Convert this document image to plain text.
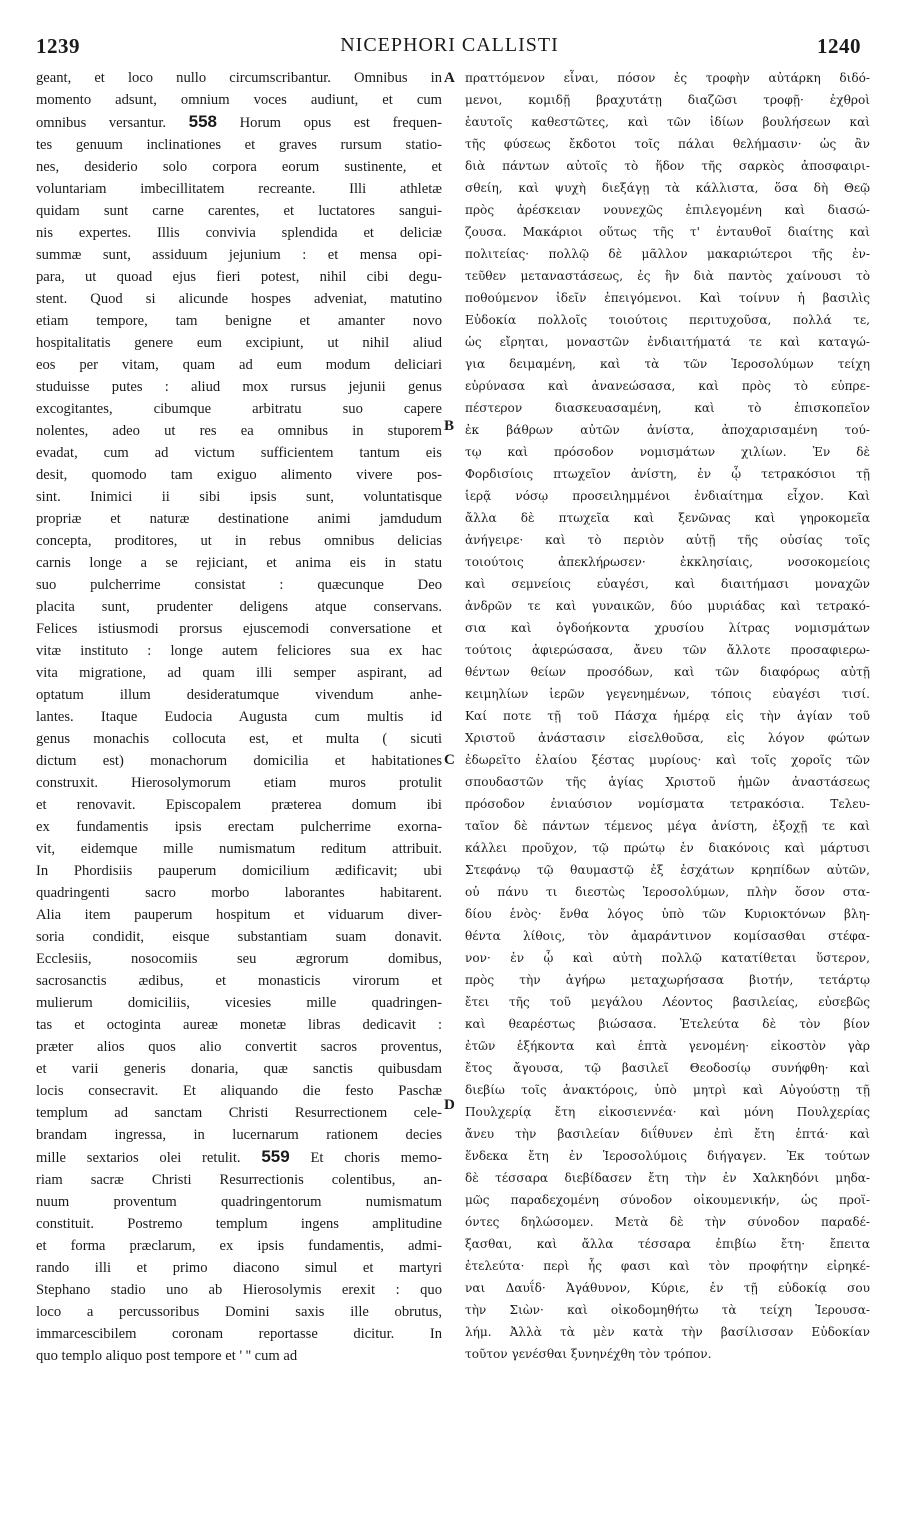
1239	NICEPHORI CALLISTI	1240
geant, et loco nullo circumscribantur. Omnibus in
momento adsunt, omnium voces audiunt, et cum
omnibus versantur. 558 Horum opus est frequen-
tes genuum inclinationes et graves rursum statio-
nes, desiderio solo corpora eorum sustinente, et
voluntariam imbecillitatem recreante. Illi athletæ
quidam sunt carne carentes, et luctatores sangui-
nis expertes. Illis convivia splendida et deliciæ
summæ sunt, assiduum jejunium : et mensa opi-
para, ut quoad ejus fieri potest, nihil cibi degu-
stent. Quod si alicunde hospes adveniat, matutino
etiam tempore, tam benigne et amanter novo
hospitalitatis genere eum excipiunt, ut nihil aliud
eos per vitam, quam ad eum modum deliciari
studuisse putes : aliud mox rursus jejunii genus
excogitantes, cibumque arbitratu suo capere
nolentes, adeo ut res ea omnibus in stuporem
evadat, cum ad victum sufficientem tantum eis
desit, quomodo tam exiguo alimento vivere pos-
sint. Inimici ii sibi ipsis sunt, voluntatisque
propriæ et naturæ destinatione animi jamdudum
concepta, proditores, ut in rebus omnibus delicias
carnis longe a se rejiciant, et anima eis in statu
suo pulcherrime consistat : quæcunque Deo
placita sunt, prudenter deligens atque conservans.
Felices istiusmodi prorsus ejuscemodi conversatione et
vitæ instituto : longe autem feliciores sua ex hac
vita migratione, ad quam illi semper aspirant, ad
optatum illum desideratumque vivendum anhe-
lantes. Itaque Eudocia Augusta cum multis id
genus monachis collocuta est, et multa ( sicuti
dictum est) monachorum domicilia et habitationes
construxit. Hierosolymorum etiam muros protulit
et renovavit. Episcopalem præterea domum ibi
ex fundamentis ipsis erectam pulcherrime exorna-
vit, eidemque mille numismatum reditum attribuit.
In Phordisiis pauperum domicilium ædificavit; ubi
quadringenti sacro morbo laborantes habitarent.
Alia item pauperum hospitum et viduarum diver-
soria condidit, eisque substantiam suam donavit.
Ecclesiis, nosocomiis seu ægrorum domibus,
sacrosanctis ædibus, et monasticis virorum et
mulierum domiciliis, vicesies mille quadringen-
tas et octoginta aureæ monetæ libras dedicavit :
præter alios quos alio convertit sacros proventus,
et varii generis donaria, quæ sanctis quibusdam
locis consecravit. Et aliquando die festo Paschæ
templum ad sanctam Christi Resurrectionem cele-
brandam ingressa, in lucernarum rationem decies
mille sextarios olei retulit. 559 Et choris memo-
riam sacræ Christi Resurrectionis colentibus, an-
nuum proventum quadringentorum numismatum
constituit. Postremo templum ingens amplitudine
et forma præclarum, ex ipsis fundamentis, admi-
rando illi et primo diacono simul et martyri
Stephano stadio uno ab Hierosolymis erexit : quo
loco a percussoribus Domini saxis ille obrutus,
immarcescibilem coronam reportasse dicitur. In
quo templo aliquo post tempore et ' '' cum ad
πραττόμενον εἶναι, πόσον ἐς τροφὴν αὐτάρκη διδό-
μενοι, κομιδῇ βραχυτάτῃ διαζῶσι τροφῇ· ἐχθροὶ
ἑαυτοῖς καθεστῶτες, καὶ τῶν ἰδίων βουλήσεων καὶ
τῆς φύσεως ἔκδοτοι τοῖς πάλαι θελήμασιν· ὡς ἂν
διὰ πάντων αὐτοῖς τὸ ἥδον τῆς σαρκὸς ἀποσφαιρι-
σθείη, καὶ ψυχὴ διεξάγῃ τὰ κάλλιστα, ὅσα δὴ Θεῷ
πρὸς ἀρέσκειαν νουνεχῶς ἐπιλεγομένη καὶ διασώ-
ζουσα. Μακάριοι οὕτως τῆς τ' ἐνταυθοῖ διαίτης καὶ
πολιτείας· πολλῷ δὲ μᾶλλον μακαριώτεροι τῆς ἐν-
τεῦθεν μεταναστάσεως, ἐς ἣν διὰ παντὸς χαίνουσι τὸ
ποθούμενον ἰδεῖν ἐπειγόμενοι. Καὶ τοίνυν ἡ βασιλὶς
Εὐδοκία πολλοῖς τοιούτοις περιτυχοῦσα, πολλά τε,
ὡς εἴρηται, μοναστῶν ἐνδιαιτήματά τε καὶ καταγώ-
για δειμαμένη, καὶ τὰ τῶν Ἱεροσολύμων τείχη
εὐρύνασα καὶ ἀνανεώσασα, καὶ πρὸς τὸ εὐπρε-
πέστερον διασκευασαμένη, καὶ τὸ ἐπισκοπεῖον
ἐκ βάθρων αὐτῶν ἀνίστα, ἀποχαρισαμένη τού-
τῳ καὶ πρόσοδον νομισμάτων χιλίων. Ἐν δὲ
Φορδισίοις πτωχεῖον ἀνίστη, ἐν ᾧ τετρακόσιοι τῇ
ἱερᾷ νόσῳ προσειλημμένοι ἐνδιαίτημα εἶχον. Καὶ
ἄλλα δὲ πτωχεῖα καὶ ξενῶνας καὶ γηροκομεῖα
ἀνήγειρε· καὶ τὸ περιὸν αὐτῇ τῆς οὐσίας τοῖς
τοιούτοις ἀπεκλήρωσεν· ἐκκλησίαις, νοσοκομείοις
καὶ σεμνείοις εὐαγέσι, καὶ διαιτήμασι μοναχῶν
ἀνδρῶν τε καὶ γυναικῶν, δύο μυριάδας καὶ τετρακό-
σια καὶ ὀγδοήκοντα χρυσίου λίτρας νομισμάτων
τούτοις ἀφιερώσασα, ἄνευ τῶν ἄλλοτε προσαφιερω-
θέντων θείων προσόδων, καὶ τῶν διαφόρως αὐτῇ
κειμηλίων ἱερῶν γεγενημένων, τόποις εὐαγέσι τισί.
Καί ποτε τῇ τοῦ Πάσχα ἡμέρᾳ εἰς τὴν ἁγίαν τοῦ
Χριστοῦ ἀνάστασιν εἰσελθοῦσα, εἰς λόγον φώτων
ἐδωρεῖτο ἐλαίου ξέστας μυρίους· καὶ τοῖς χοροῖς τῶν
σπουδαστῶν τῆς ἁγίας Χριστοῦ ἡμῶν ἀναστάσεως
πρόσοδον ἐνιαύσιον νομίσματα τετρακόσια. Τελευ-
ταῖον δὲ πάντων τέμενος μέγα ἀνίστη, ἐξοχῇ τε καὶ
κάλλει προῦχον, τῷ πρώτῳ ἐν διακόνοις καὶ μάρτυσι
Στεφάνῳ τῷ θαυμαστῷ ἐξ ἐσχάτων κρηπίδων αὐτῶν,
οὐ πάνυ τι διεστὼς Ἱεροσολύμων, πλὴν ὅσον στα-
δίου ἑνὸς· ἔνθα λόγος ὑπὸ τῶν Κυριοκτόνων βλη-
θέντα λίθοις, τὸν ἀμαράντινον κομίσασθαι στέφα-
νον· ἐν ᾧ καὶ αὐτὴ πολλῷ κατατίθεται ὕστερον,
πρὸς τὴν ἀγήρω μεταχωρήσασα βιοτήν, τετάρτῳ
ἔτει τῆς τοῦ μεγάλου Λέοντος βασιλείας, εὐσεβῶς
καὶ θεαρέστως βιώσασα. Ἐτελεύτα δὲ τὸν βίον
ἐτῶν ἑξήκοντα καὶ ἑπτὰ γενομένη· εἰκοστὸν γὰρ
ἔτος ἄγουσα, τῷ βασιλεῖ Θεοδοσίῳ συνήφθη· καὶ
διεβίω τοῖς ἀνακτόροις, ὑπὸ μητρὶ καὶ Αὐγούστῃ τῇ
Πουλχερίᾳ ἔτη εἰκοσιεννέα· καὶ μόνη Πουλχερίας
ἄνευ τὴν βασιλείαν διΐθυνεν ἐπὶ ἔτη ἑπτά· καὶ
ἕνδεκα ἔτη ἐν Ἱεροσολύμοις διήγαγεν. Ἐκ τούτων
δὲ τέσσαρα διεβίδασεν ἔτη τὴν ἐν Χαλκηδόνι μηδα-
μῶς παραδεχομένη σύνοδον οἰκουμενικήν, ὡς προϊ-
όντες δηλώσομεν. Μετὰ δὲ τὴν σύνοδον παραδέ-
ξασθαι, καὶ ἄλλα τέσσαρα ἐπιβίω ἔτη· ἔπειτα
ἐτελεύτα· περὶ ἧς φασι καὶ τὸν προφήτην εἰρηκέ-
ναι Δαυΐδ· Ἀγάθυνον, Κύριε, ἐν τῇ εὐδοκίᾳ σου
τὴν Σιὼν· καὶ οἰκοδομηθήτω τὰ τείχη Ἱερουσα-
λήμ. Ἀλλὰ τὰ μὲν κατὰ τὴν βασίλισσαν Εὐδοκίαν
τοῦτον γενέσθαι ξυνηνέχθη τὸν τρόπον.
A
B
C
D
